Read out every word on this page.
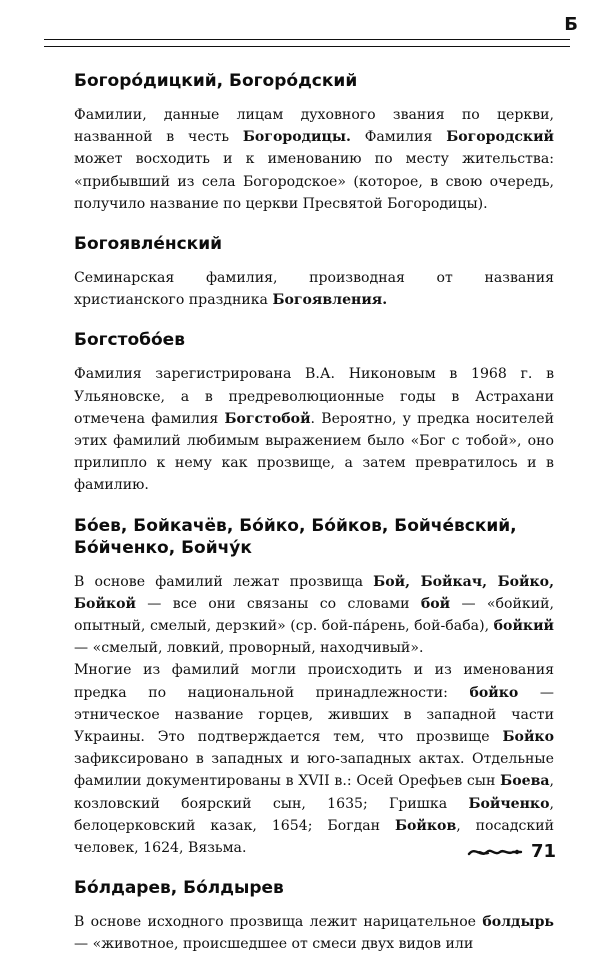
Б
Богоро́дицкий, Богоро́дский

Фамилии, данные лицам духовного звания по церкви, названной в честь Богородицы. Фамилия Богородский может восходить и к именованию по месту жительства: «прибывший из села Богородское» (которое, в свою очередь, получило название по церкви Пресвятой Богородицы).

Богоявле́нский

Семинарская фамилия, производная от названия христианского праздника Богоявления.

Богстобо́ев

Фамилия зарегистрирована В.А. Никоновым в 1968 г. в Ульяновске, а в предреволюционные годы в Астрахани отмечена фамилия Богстобой. Вероятно, у предка носителей этих фамилий любимым выражением было «Бог с тобой», оно прилипло к нему как прозвище, а затем превратилось и в фамилию.

Бо́ев, Бойкачёв, Бо́йко, Бо́йков, Бойче́вский, Бо́йченко, Бойчу́к

В основе фамилий лежат прозвища Бой, Бойкач, Бойко, Бойкой — все они связаны со словами бой — «бойкий, опытный, смелый, дерзкий» (ср. бой-па́рень, бой-баба), бойкий — «смелый, ловкий, проворный, находчивый».

Многие из фамилий могли происходить и из именования предка по национальной принадлежности: бойко — этническое название горцев, живших в западной части Украины. Это подтверждается тем, что прозвище Бойко зафиксировано в западных и юго-западных актах. Отдельные фамилии документированы в XVII в.: Осей Орефьев сын Боева, козловский боярский сын, 1635; Гришка Бойченко, белоцерковский казак, 1654; Богдан Бойков, посадский человек, 1624, Вязьма.

Бо́лдарев, Бо́лдырев

В основе исходного прозвища лежит нарицательное болдырь — «животное, происшедшее от смеси двух видов или

71
